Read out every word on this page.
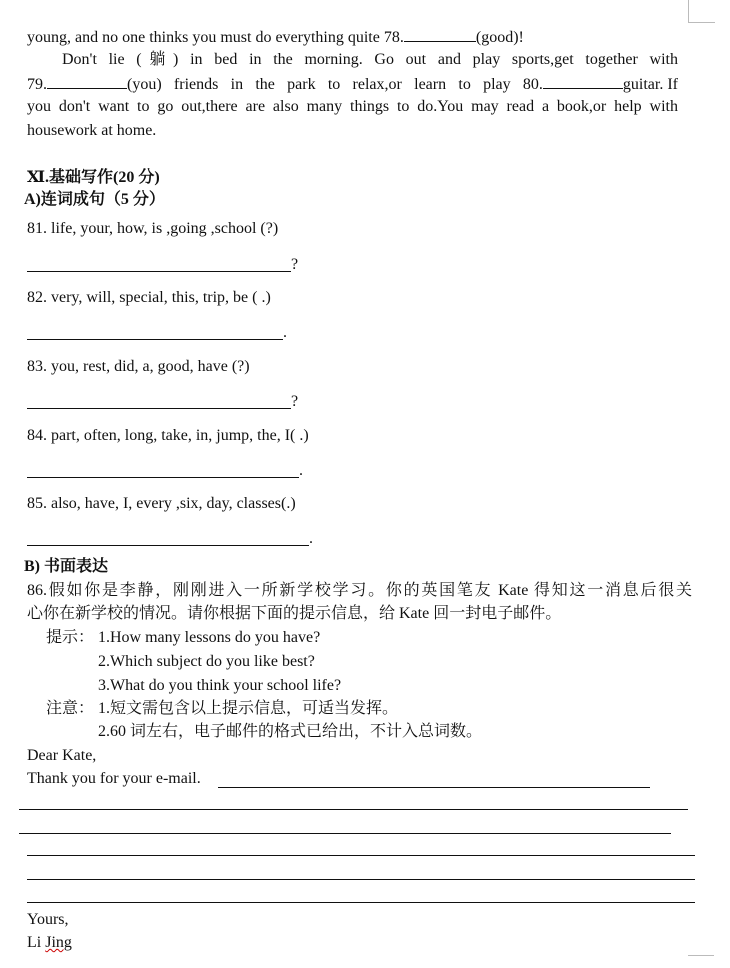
young, and no one thinks you must do everything quite 78.	(good)!
Don't lie (躺) in bed in the morning. Go out and play sports,get together with
79.	(you) friends in the park to relax,or learn to play 80.	guitar. If
you don't want to go out,there are also many things to do.You may read a book,or help with
housework at home.
Ⅺ.基础写作(20 分)
A)连词成句（5 分）
81. life, your, how, is ,going ,school (?)
?
82. very, will, special, this, trip, be ( .)
.
83. you, rest, did, a, good, have (?)
?
84. part, often, long, take, in, jump, the, I( .)
.
85. also, have, I, every ,six, day, classes(.)
.
B) 书面表达
86.假如你是李静，刚刚进入一所新学校学习。你的英国笔友 Kate 得知这一消息后很关
心你在新学校的情况。请你根据下面的提示信息，给 Kate 回一封电子邮件。
提示： 1.How many lessons do you have?
2.Which subject do you like best?
3.What do you think your school life?
注意： 1.短文需包含以上提示信息，可适当发挥。
2.60 词左右，电子邮件的格式已给出，不计入总词数。
Dear Kate,
Thank you for your e-mail.
Yours,
Li Jing
